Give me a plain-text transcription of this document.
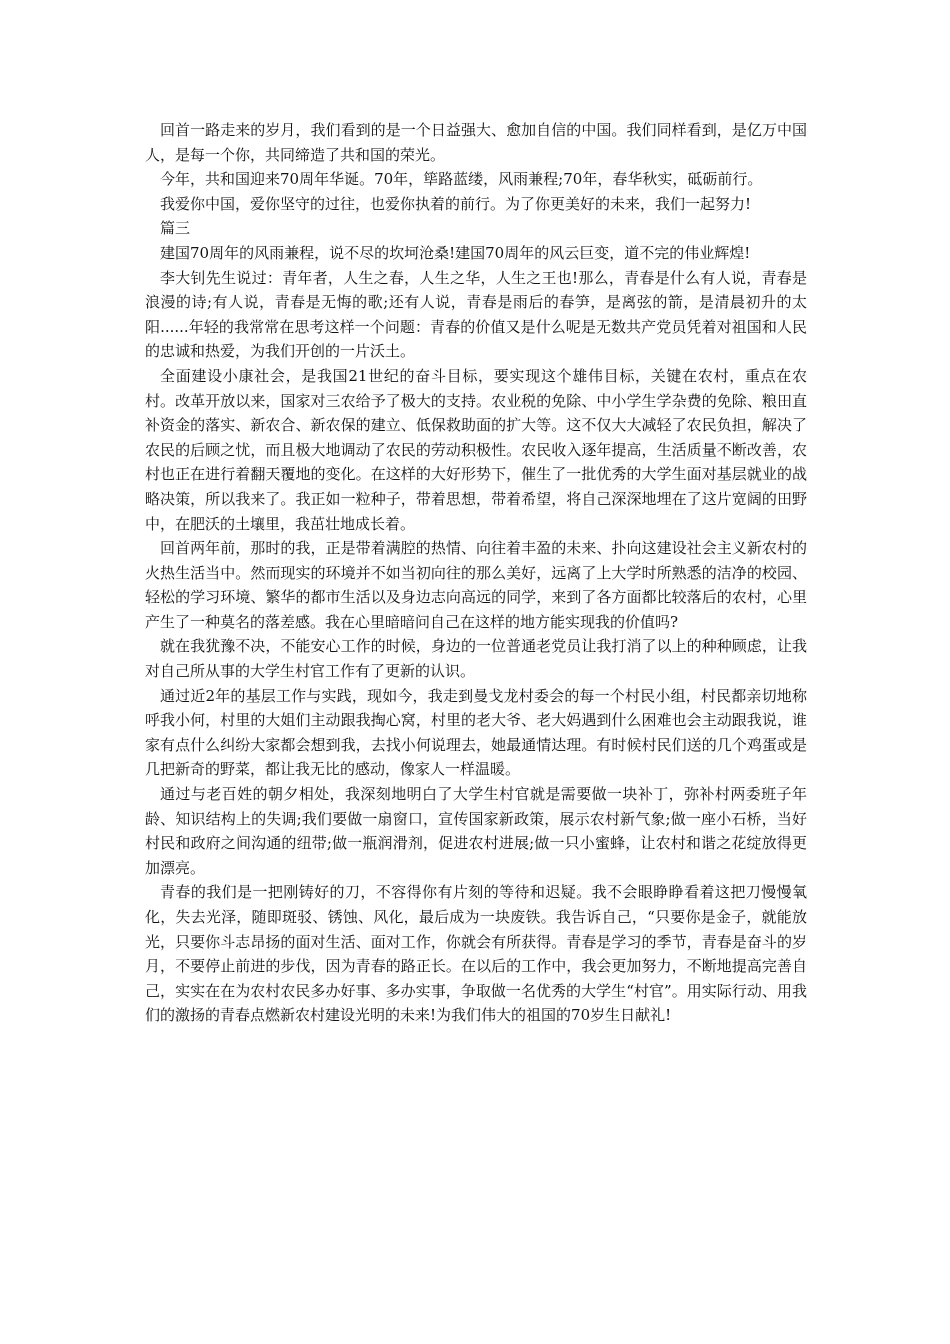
回首一路走来的岁月，我们看到的是一个日益强大、愈加自信的中国。我们同样看到，是亿万中国人，是每一个你，共同缔造了共和国的荣光。

今年，共和国迎来70周年华诞。70年，筚路蓝缕，风雨兼程;70年，春华秋实，砥砺前行。

我爱你中国，爱你坚守的过往，也爱你执着的前行。为了你更美好的未来，我们一起努力!

篇三

建国70周年的风雨兼程，说不尽的坎坷沧桑!建国70周年的风云巨变，道不完的伟业辉煌!

李大钊先生说过：青年者，人生之春，人生之华，人生之王也!那么，青春是什么有人说，青春是浪漫的诗;有人说，青春是无悔的歌;还有人说，青春是雨后的春笋，是离弦的箭，是清晨初升的太阳......年轻的我常常在思考这样一个问题：青春的价值又是什么呢是无数共产党员凭着对祖国和人民的忠诚和热爱，为我们开创的一片沃土。

全面建设小康社会，是我国21世纪的奋斗目标，要实现这个雄伟目标，关键在农村，重点在农村。改革开放以来，国家对三农给予了极大的支持。农业税的免除、中小学生学杂费的免除、粮田直补资金的落实、新农合、新农保的建立、低保救助面的扩大等。这不仅大大减轻了农民负担，解决了农民的后顾之忧，而且极大地调动了农民的劳动积极性。农民收入逐年提高，生活质量不断改善，农村也正在进行着翻天覆地的变化。在这样的大好形势下，催生了一批优秀的大学生面对基层就业的战略决策，所以我来了。我正如一粒种子，带着思想，带着希望，将自己深深地埋在了这片宽阔的田野中，在肥沃的土壤里，我茁壮地成长着。

回首两年前，那时的我，正是带着满腔的热情、向往着丰盈的未来、扑向这建设社会主义新农村的火热生活当中。然而现实的环境并不如当初向往的那么美好，远离了上大学时所熟悉的洁净的校园、轻松的学习环境、繁华的都市生活以及身边志向高远的同学，来到了各方面都比较落后的农村，心里产生了一种莫名的落差感。我在心里暗暗问自己在这样的地方能实现我的价值吗?

就在我犹豫不决，不能安心工作的时候，身边的一位普通老党员让我打消了以上的种种顾虑，让我对自己所从事的大学生村官工作有了更新的认识。

通过近2年的基层工作与实践，现如今，我走到曼戈龙村委会的每一个村民小组，村民都亲切地称呼我小何，村里的大姐们主动跟我掏心窝，村里的老大爷、老大妈遇到什么困难也会主动跟我说，谁家有点什么纠纷大家都会想到我，去找小何说理去，她最通情达理。有时候村民们送的几个鸡蛋或是几把新奇的野菜，都让我无比的感动，像家人一样温暖。

通过与老百姓的朝夕相处，我深刻地明白了大学生村官就是需要做一块补丁，弥补村两委班子年龄、知识结构上的失调;我们要做一扇窗口，宣传国家新政策，展示农村新气象;做一座小石桥，当好村民和政府之间沟通的纽带;做一瓶润滑剂，促进农村进展;做一只小蜜蜂，让农村和谐之花绽放得更加漂亮。

青春的我们是一把刚铸好的刀，不容得你有片刻的等待和迟疑。我不会眼睁睁看着这把刀慢慢氧化，失去光泽，随即斑驳、锈蚀、风化，最后成为一块废铁。我告诉自己，“只要你是金子，就能放光，只要你斗志昂扬的面对生活、面对工作，你就会有所获得。青春是学习的季节，青春是奋斗的岁月，不要停止前进的步伐，因为青春的路正长。在以后的工作中，我会更加努力，不断地提高完善自己，实实在在为农村农民多办好事、多办实事，争取做一名优秀的大学生“村官”。用实际行动、用我们的激扬的青春点燃新农村建设光明的未来!为我们伟大的祖国的70岁生日献礼!
